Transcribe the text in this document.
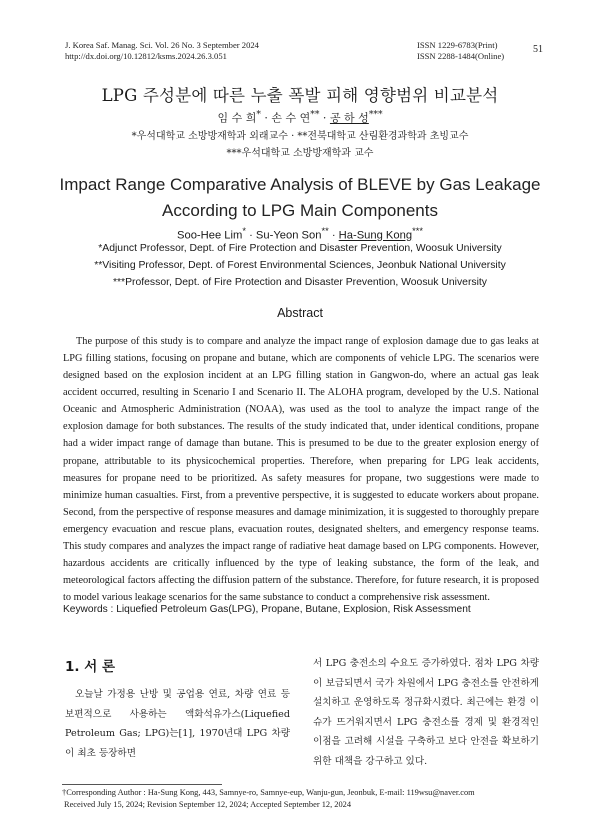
J. Korea Saf. Manag. Sci. Vol. 26 No. 3 September 2024
http://dx.doi.org/10.12812/ksms.2024.26.3.051
ISSN 1229-6783(Print)
ISSN 2288-1484(Online)
51
LPG 주성분에 따른 누출 폭발 피해 영향범위 비교분석
임 수 희* · 손 수 연** · 공 하 성***
*우석대학교 소방방재학과 외래교수 · **전북대학교 산림환경과학과 초빙교수
***우석대학교 소방방재학과 교수
Impact Range Comparative Analysis of BLEVE by Gas Leakage
According to LPG Main Components
Soo-Hee Lim* · Su-Yeon Son** · Ha-Sung Kong***
*Adjunct Professor, Dept. of Fire Protection and Disaster Prevention, Woosuk University
**Visiting Professor, Dept. of Forest Environmental Sciences, Jeonbuk National University
***Professor, Dept. of Fire Protection and Disaster Prevention, Woosuk University
Abstract

The purpose of this study is to compare and analyze the impact range of explosion damage due to gas leaks at LPG filling stations, focusing on propane and butane, which are components of vehicle LPG. The scenarios were designed based on the explosion incident at an LPG filling station in Gangwon-do, where an actual gas leak accident occurred, resulting in Scenario I and Scenario II. The ALOHA program, developed by the U.S. National Oceanic and Atmospheric Administration (NOAA), was used as the tool to analyze the impact range of the explosion damage for both substances. The results of the study indicated that, under identical conditions, propane had a wider impact range of damage than butane. This is presumed to be due to the greater explosion energy of propane, attributable to its physicochemical properties. Therefore, when preparing for LPG leak accidents, measures for propane need to be prioritized. As safety measures for propane, two suggestions were made to minimize human casualties. First, from a preventive perspective, it is suggested to educate workers about propane. Second, from the perspective of response measures and damage minimization, it is suggested to thoroughly prepare emergency evacuation and rescue plans, evacuation routes, designated shelters, and emergency response teams. This study compares and analyzes the impact range of radiative heat damage based on LPG components. However, hazardous accidents are critically influenced by the type of leaking substance, the form of the leak, and meteorological factors affecting the diffusion pattern of the substance. Therefore, for future research, it is proposed to model various leakage scenarios for the same substance to conduct a comprehensive risk assessment.

Keywords : Liquefied Petroleum Gas(LPG), Propane, Butane, Explosion, Risk Assessment
1. 서 론

오늘날 가정용 난방 및 공업용 연료, 차량 연료 등 보편적으로 사용하는 액화석유가스(Liquefied Petroleum Gas; LPG)는[1], 1970년대 LPG 차량이 최초 등장하면

서 LPG 충전소의 수요도 증가하였다. 점차 LPG 차량이 보급되면서 국가 차원에서 LPG 충전소를 안전하게 설치하고 운영하도록 정규화시켰다. 최근에는 환경 이슈가 뜨거워지면서 LPG 충전소를 경제 및 환경적인 이점을 고려해 시설을 구축하고 보다 안전을 확보하기 위한 대책을 강구하고 있다.

†Corresponding Author : Ha-Sung Kong, 443, Samnye-ro, Samnye-eup, Wanju-gun, Jeonbuk, E-mail: 119wsu@naver.com
Received July 15, 2024; Revision September 12, 2024; Accepted September 12, 2024
